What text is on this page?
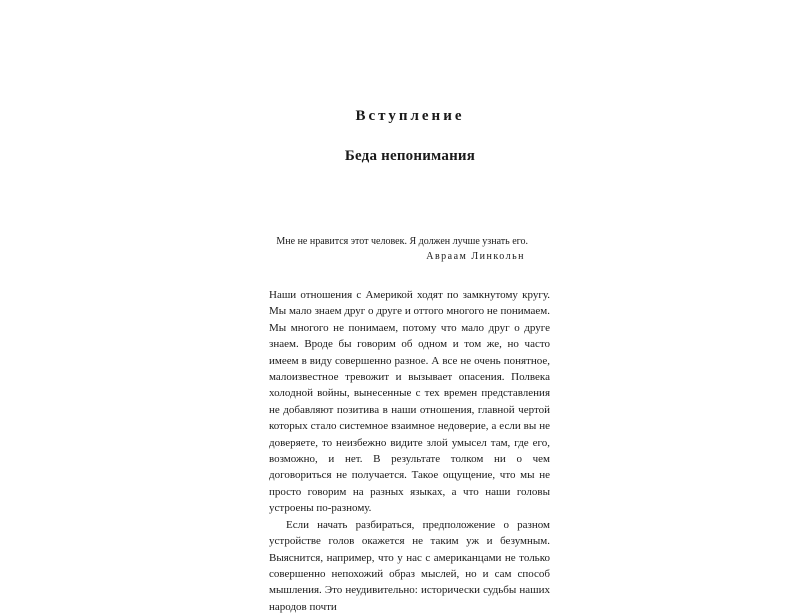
Вступление
Беда непонимания
Мне не нравится этот человек. Я должен лучше узнать его.
Авраам Линкольн

Наши отношения с Америкой ходят по замкнутому кругу. Мы мало знаем друг о друге и оттого многого не понимаем. Мы многого не понимаем, потому что мало друг о друге знаем. Вроде бы говорим об одном и том же, но часто имеем в виду совершенно разное. А все не очень понятное, малоизвестное тревожит и вызывает опасения. Полвека холодной войны, вынесенные с тех времен представления не добавляют позитива в наши отношения, главной чертой которых стало системное взаимное недоверие, а если вы не доверяете, то неизбежно видите злой умысел там, где его, возможно, и нет. В результате толком ни о чем договориться не получается. Такое ощущение, что мы не просто говорим на разных языках, а что наши головы устроены по-разному.

Если начать разбираться, предположение о разном устройстве голов окажется не таким уж и безумным. Выяснится, например, что у нас с американцами не только совершенно непохожий образ мыслей, но и сам способ мышления. Это неудивительно: исторически судьбы наших народов почти
